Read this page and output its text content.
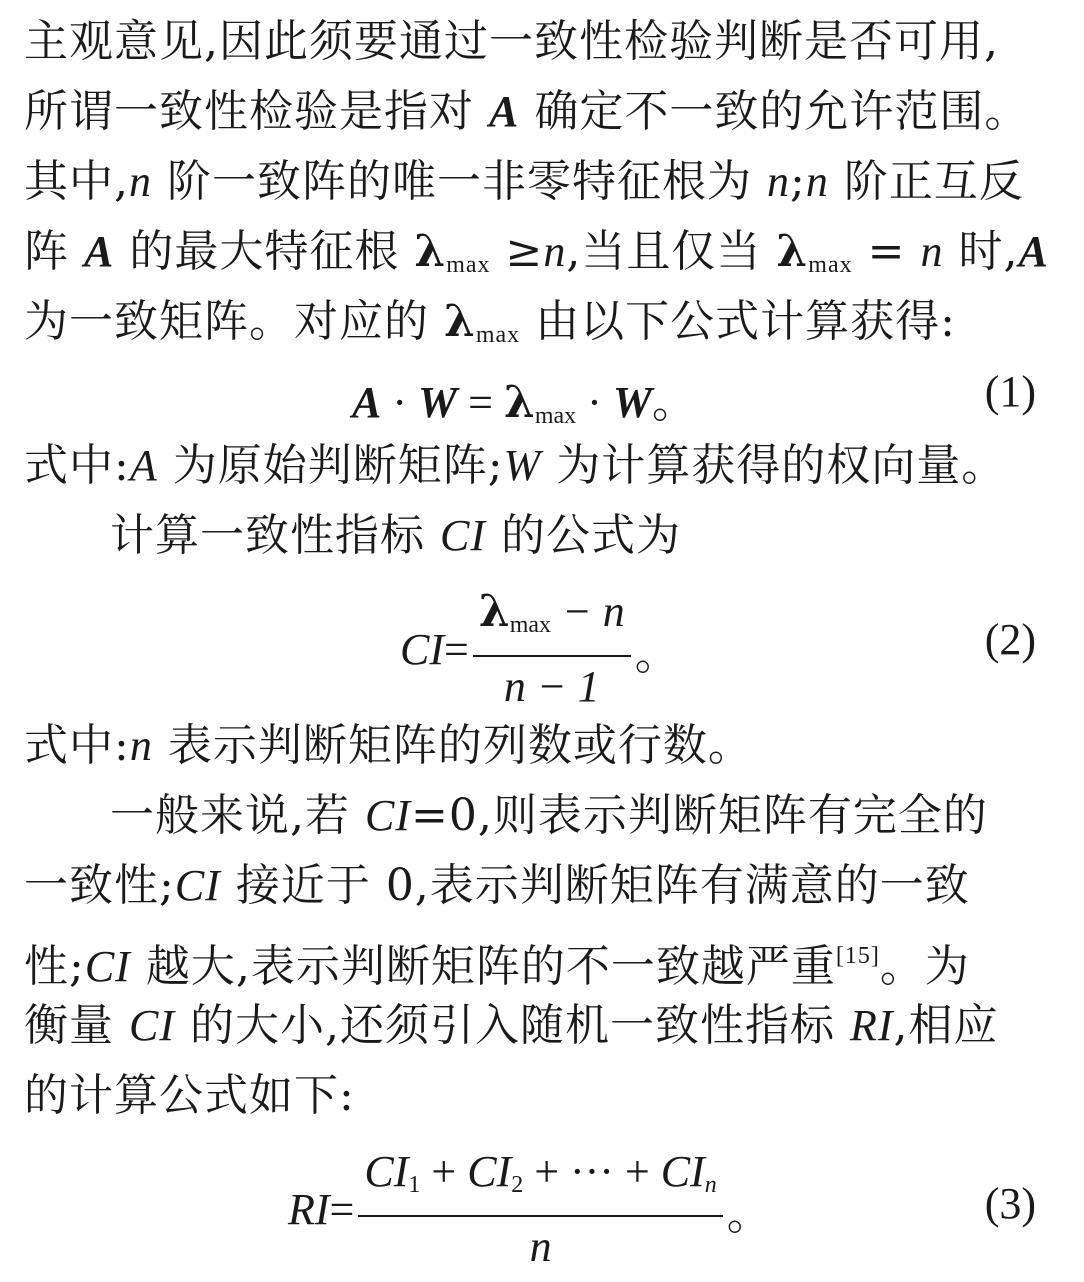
主观意见,因此须要通过一致性检验判断是否可用,
所谓一致性检验是指对 A 确定不一致的允许范围。
其中,n 阶一致阵的唯一非零特征根为 n;n 阶正互反
阵 A 的最大特征根 $\lambda_{max} \ge n$,当且仅当 $\lambda_{max} = n$ 时,A
为一致矩阵。对应的 $\lambda_{max}$ 由以下公式计算获得:
$A \cdot W = \lambda_{max} \cdot W$。	(1)
式中:A 为原始判断矩阵;W 为计算获得的权向量。
计算一致性指标 CI 的公式为
$CI= \frac{\lambda_{max} - n}{n - 1}$ 。	(2)
式中:n 表示判断矩阵的列数或行数。
一般来说,若 CI=0,则表示判断矩阵有完全的
一致性;CI 接近于 0,表示判断矩阵有满意的一致
性;CI 越大,表示判断矩阵的不一致越严重[15]。为
衡量 CI 的大小,还须引入随机一致性指标 RI,相应
的计算公式如下:
$RI= \frac{CI_1 + CI_2 + \cdot\cdot\cdot + CI_n}{n}$ 。	(3)
